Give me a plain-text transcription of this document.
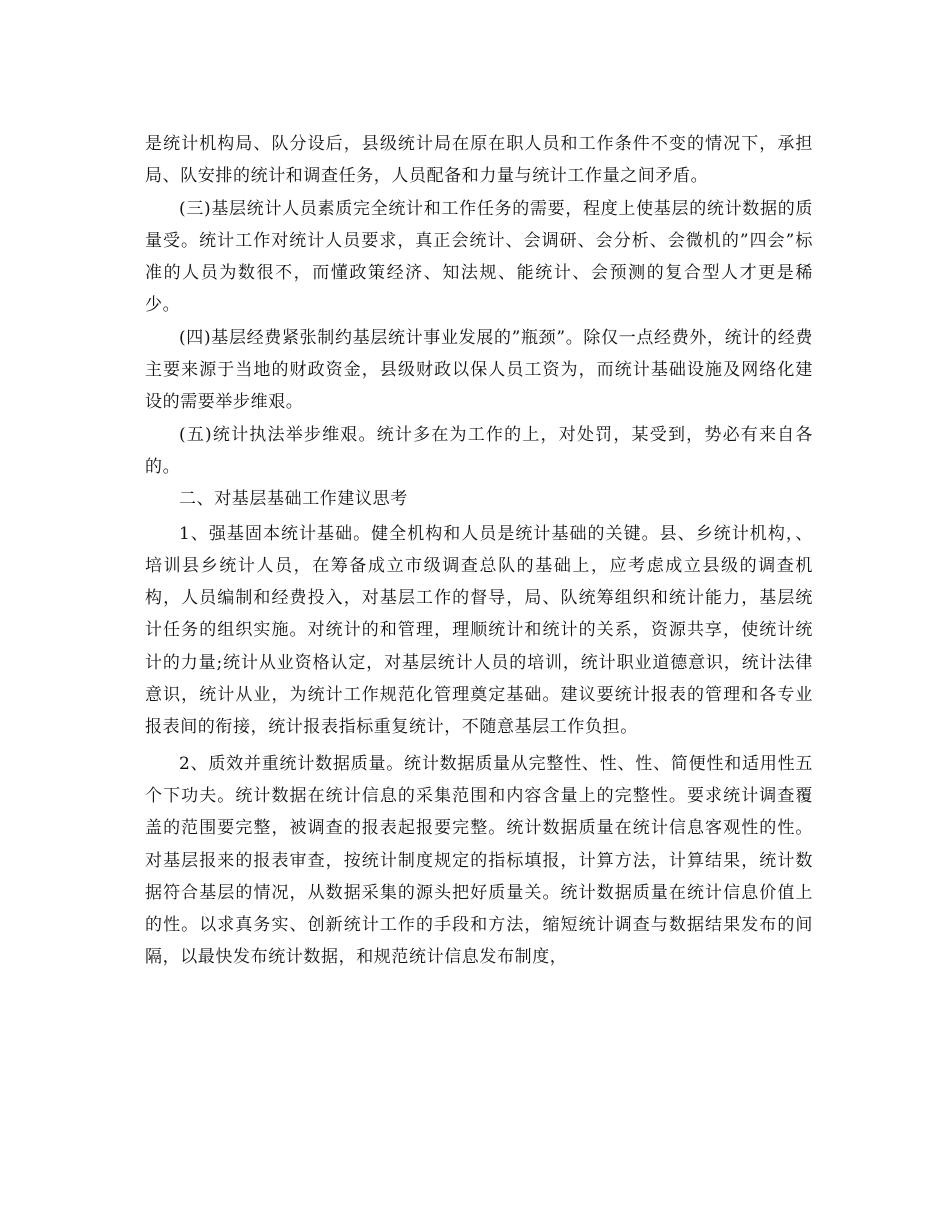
是统计机构局、队分设后，县级统计局在原在职人员和工作条件不变的情况下，承担局、队安排的统计和调查任务，人员配备和力量与统计工作量之间矛盾。

(三)基层统计人员素质完全统计和工作任务的需要，程度上使基层的统计数据的质量受。统计工作对统计人员要求，真正会统计、会调研、会分析、会微机的”四会”标准的人员为数很不，而懂政策经济、知法规、能统计、会预测的复合型人才更是稀少。

(四)基层经费紧张制约基层统计事业发展的”瓶颈”。除仅一点经费外，统计的经费主要来源于当地的财政资金，县级财政以保人员工资为，而统计基础设施及网络化建设的需要举步维艰。

(五)统计执法举步维艰。统计多在为工作的上，对处罚，某受到，势必有来自各的。

二、对基层基础工作建议思考

1、强基固本统计基础。健全机构和人员是统计基础的关键。县、乡统计机构，、培训县乡统计人员，在筹备成立市级调查总队的基础上，应考虑成立县级的调查机构，人员编制和经费投入，对基层工作的督导，局、队统筹组织和统计能力，基层统计任务的组织实施。对统计的和管理，理顺统计和统计的关系，资源共享，使统计统计的力量;统计从业资格认定，对基层统计人员的培训，统计职业道德意识，统计法律意识，统计从业，为统计工作规范化管理奠定基础。建议要统计报表的管理和各专业报表间的衔接，统计报表指标重复统计，不随意基层工作负担。

2、质效并重统计数据质量。统计数据质量从完整性、性、性、简便性和适用性五个下功夫。统计数据在统计信息的采集范围和内容含量上的完整性。要求统计调查覆盖的范围要完整，被调查的报表起报要完整。统计数据质量在统计信息客观性的性。对基层报来的报表审查，按统计制度规定的指标填报，计算方法，计算结果，统计数据符合基层的情况，从数据采集的源头把好质量关。统计数据质量在统计信息价值上的性。以求真务实、创新统计工作的手段和方法，缩短统计调查与数据结果发布的间隔，以最快发布统计数据，和规范统计信息发布制度，
